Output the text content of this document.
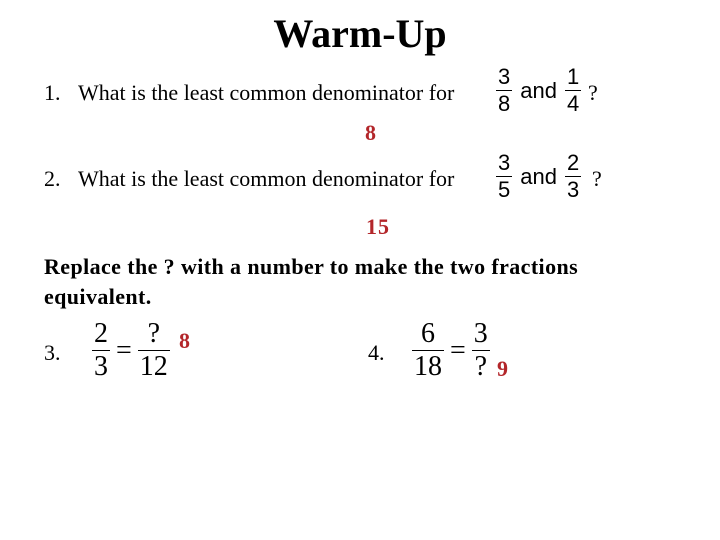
Warm-Up
1. What is the least common denominator for $\frac{3}{8}$ and $\frac{1}{4}$ ?
8
2. What is the least common denominator for $\frac{3}{5}$ and $\frac{2}{3}$ ?
15
Replace the ? with a number to make the two fractions equivalent.
3. $\frac{2}{3} = \frac{?}{12} 8$	4. $\frac{6}{18} = \frac{3}{?} 9$
